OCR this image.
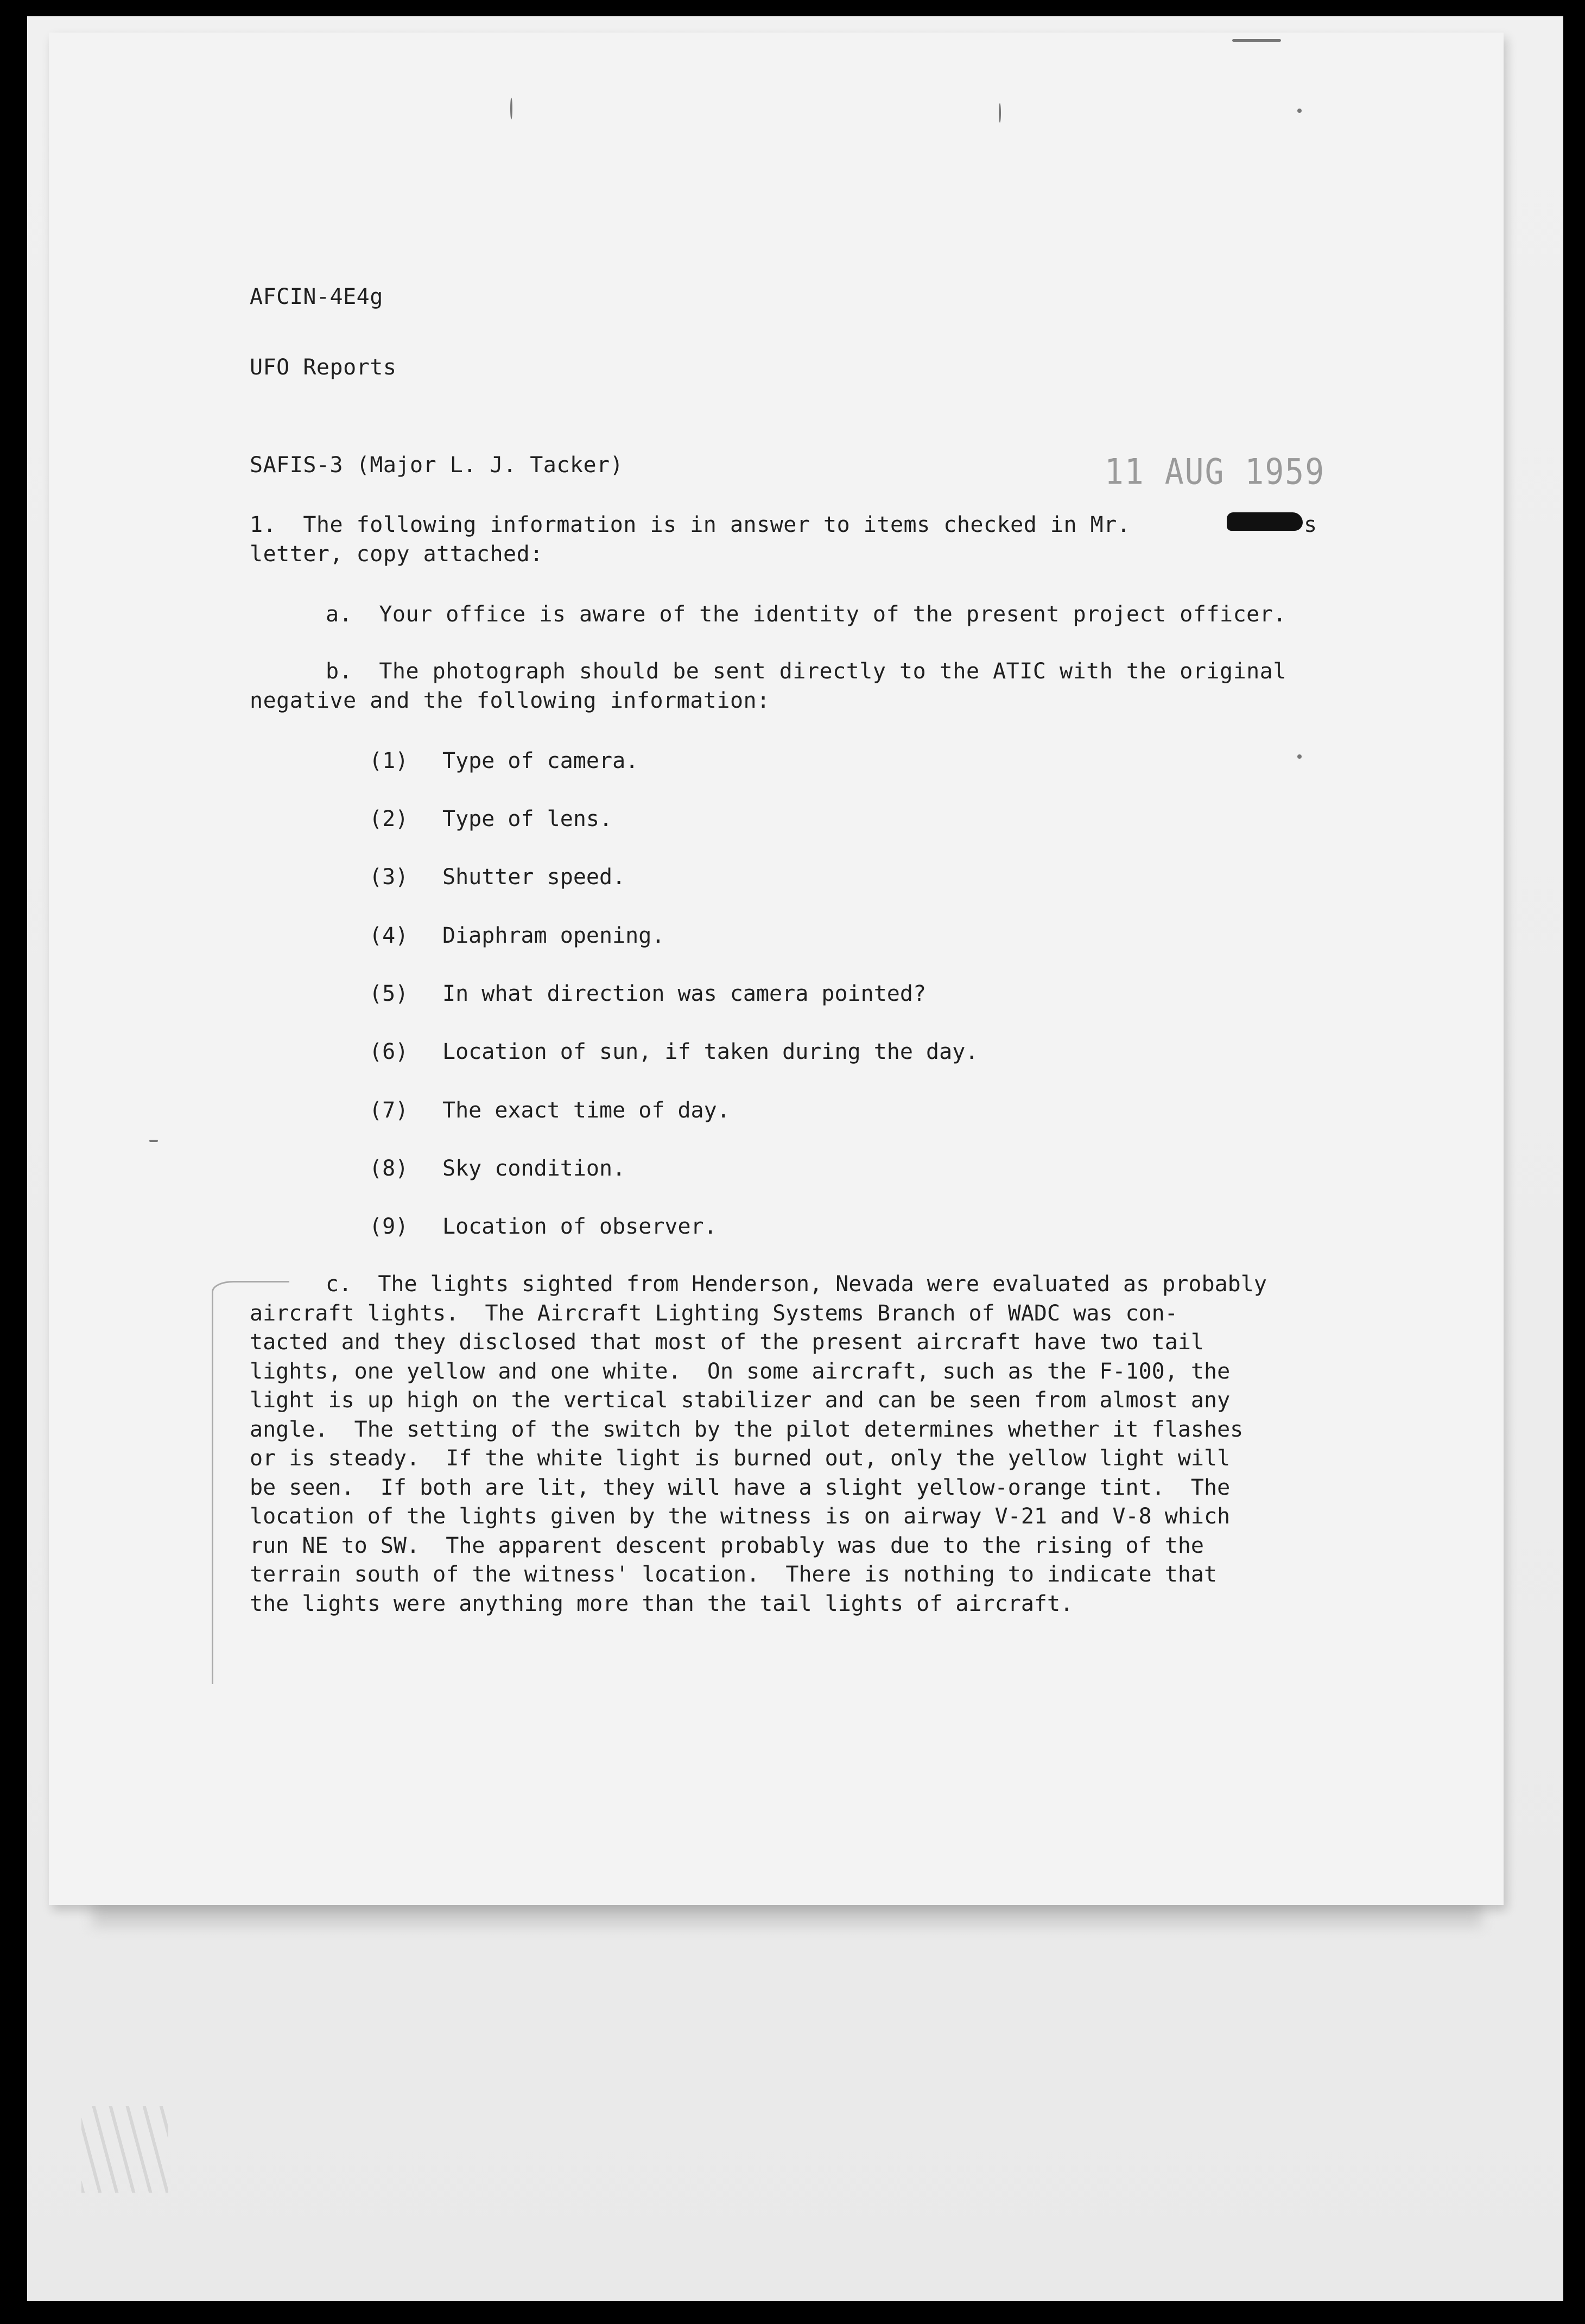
AFCIN-4E4g
UFO Reports
SAFIS-3 (Major L. J. Tacker)	11 AUG 1959
1.  The following information is in answer to items checked in Mr.	s
letter, copy attached:
a.  Your office is aware of the identity of the present project officer.
b.  The photograph should be sent directly to the ATIC with the original
negative and the following information:
(1) Type of camera.
(2) Type of lens.
(3) Shutter speed.
(4) Diaphram opening.
(5) In what direction was camera pointed?
(6) Location of sun, if taken during the day.
(7) The exact time of day.
(8) Sky condition.
(9) Location of observer.
c.  The lights sighted from Henderson, Nevada were evaluated as probably
aircraft lights.  The Aircraft Lighting Systems Branch of WADC was con-
tacted and they disclosed that most of the present aircraft have two tail
lights, one yellow and one white.  On some aircraft, such as the F-100, the
light is up high on the vertical stabilizer and can be seen from almost any
angle.  The setting of the switch by the pilot determines whether it flashes
or is steady.  If the white light is burned out, only the yellow light will
be seen.  If both are lit, they will have a slight yellow-orange tint.  The
location of the lights given by the witness is on airway V-21 and V-8 which
run NE to SW.  The apparent descent probably was due to the rising of the
terrain south of the witness' location.  There is nothing to indicate that
the lights were anything more than the tail lights of aircraft.
